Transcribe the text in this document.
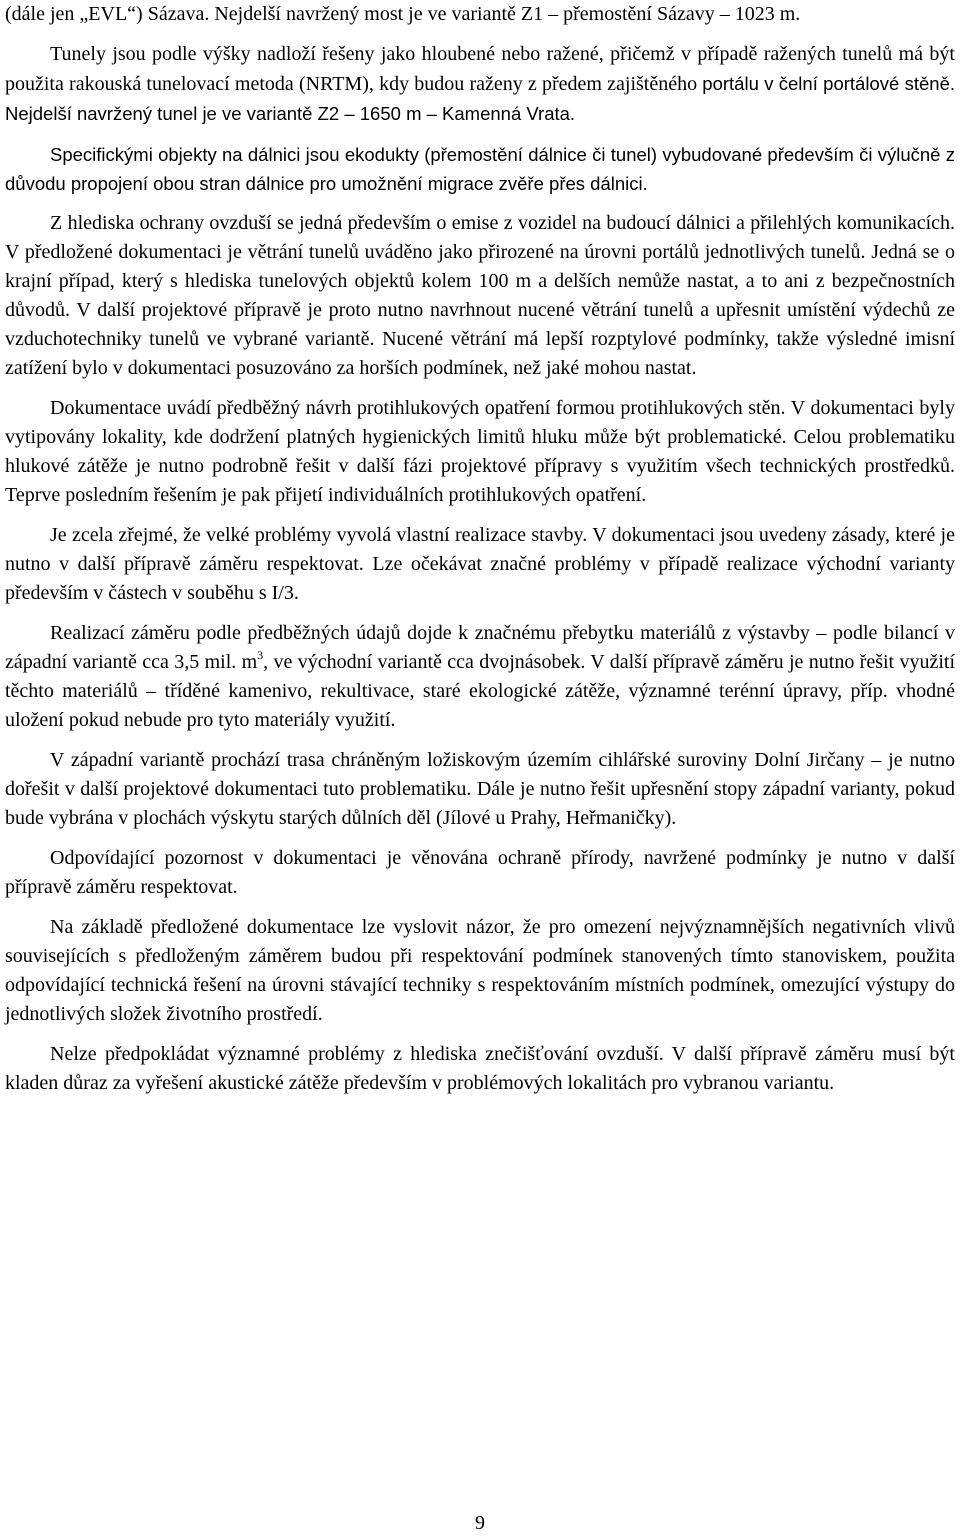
(dále jen „EVL“) Sázava. Nejdelší navržený most je ve variantě Z1 – přemostění Sázavy – 1023 m.

Tunely jsou podle výšky nadloží řešeny jako hloubené nebo ražené, přičemž v případě ražených tunelů má být použita rakouská tunelovací metoda (NRTM), kdy budou raženy z předem zajištěného portálu v čelní portálové stěně. Nejdelší navržený tunel je ve variantě Z2 – 1650 m – Kamenná Vrata.

Specifickými objekty na dálnici jsou ekodukty (přemostění dálnice či tunel) vybudované především či výlučně z důvodu propojení obou stran dálnice pro umožnění migrace zvěře přes dálnici.

Z hlediska ochrany ovzduší se jedná především o emise z vozidel na budoucí dálnici a přilehlých komunikacích. V předložené dokumentaci je větrání tunelů uváděno jako přirozené na úrovni portálů jednotlivých tunelů. Jedná se o krajní případ, který s hlediska tunelových objektů kolem 100 m a delších nemůže nastat, a to ani z bezpečnostních důvodů. V další projektové přípravě je proto nutno navrhnout nucené větrání tunelů a upřesnit umístění výdechů ze vzduchotechniky tunelů ve vybrané variantě. Nucené větrání má lepší rozptylové podmínky, takže výsledné imisní zatížení bylo v dokumentaci posuzováno za horších podmínek, než jaké mohou nastat.

Dokumentace uvádí předběžný návrh protihlukových opatření formou protihlukových stěn. V dokumentaci byly vytipovány lokality, kde dodržení platných hygienických limitů hluku může být problematické. Celou problematiku hlukové zátěže je nutno podrobně řešit v další fázi projektové přípravy s využitím všech technických prostředků. Teprve posledním řešením je pak přijetí individuálních protihlukových opatření.

Je zcela zřejmé, že velké problémy vyvolá vlastní realizace stavby. V dokumentaci jsou uvedeny zásady, které je nutno v další přípravě záměru respektovat. Lze očekávat značné problémy v případě realizace východní varianty především v částech v souběhu s I/3.

Realizací záměru podle předběžných údajů dojde k značnému přebytku materiálů z výstavby – podle bilancí v západní variantě cca 3,5 mil. $m^3$, ve východní variantě cca dvojnásobek. V další přípravě záměru je nutno řešit využití těchto materiálů – tříděné kamenivo, rekultivace, staré ekologické zátěže, významné terénní úpravy, příp. vhodné uložení pokud nebude pro tyto materiály využití.

V západní variantě prochází trasa chráněným ložiskovým územím cihlářské suroviny Dolní Jirčany – je nutno dořešit v další projektové dokumentaci tuto problematiku. Dále je nutno řešit upřesnění stopy západní varianty, pokud bude vybrána v plochách výskytu starých důlních děl (Jílové u Prahy, Heřmaničky).

Odpovídající pozornost v dokumentaci je věnována ochraně přírody, navržené podmínky je nutno v další přípravě záměru respektovat.

Na základě předložené dokumentace lze vyslovit názor, že pro omezení nejvýznamnějších negativních vlivů souvisejících s předloženým záměrem budou při respektování podmínek stanovených tímto stanoviskem, použita odpovídající technická řešení na úrovni stávající techniky s respektováním místních podmínek, omezující výstupy do jednotlivých složek životního prostředí.

Nelze předpokládat významné problémy z hlediska znečišťování ovzduší. V další přípravě záměru musí být kladen důraz za vyřešení akustické zátěže především v problémových lokalitách pro vybranou variantu.

9
